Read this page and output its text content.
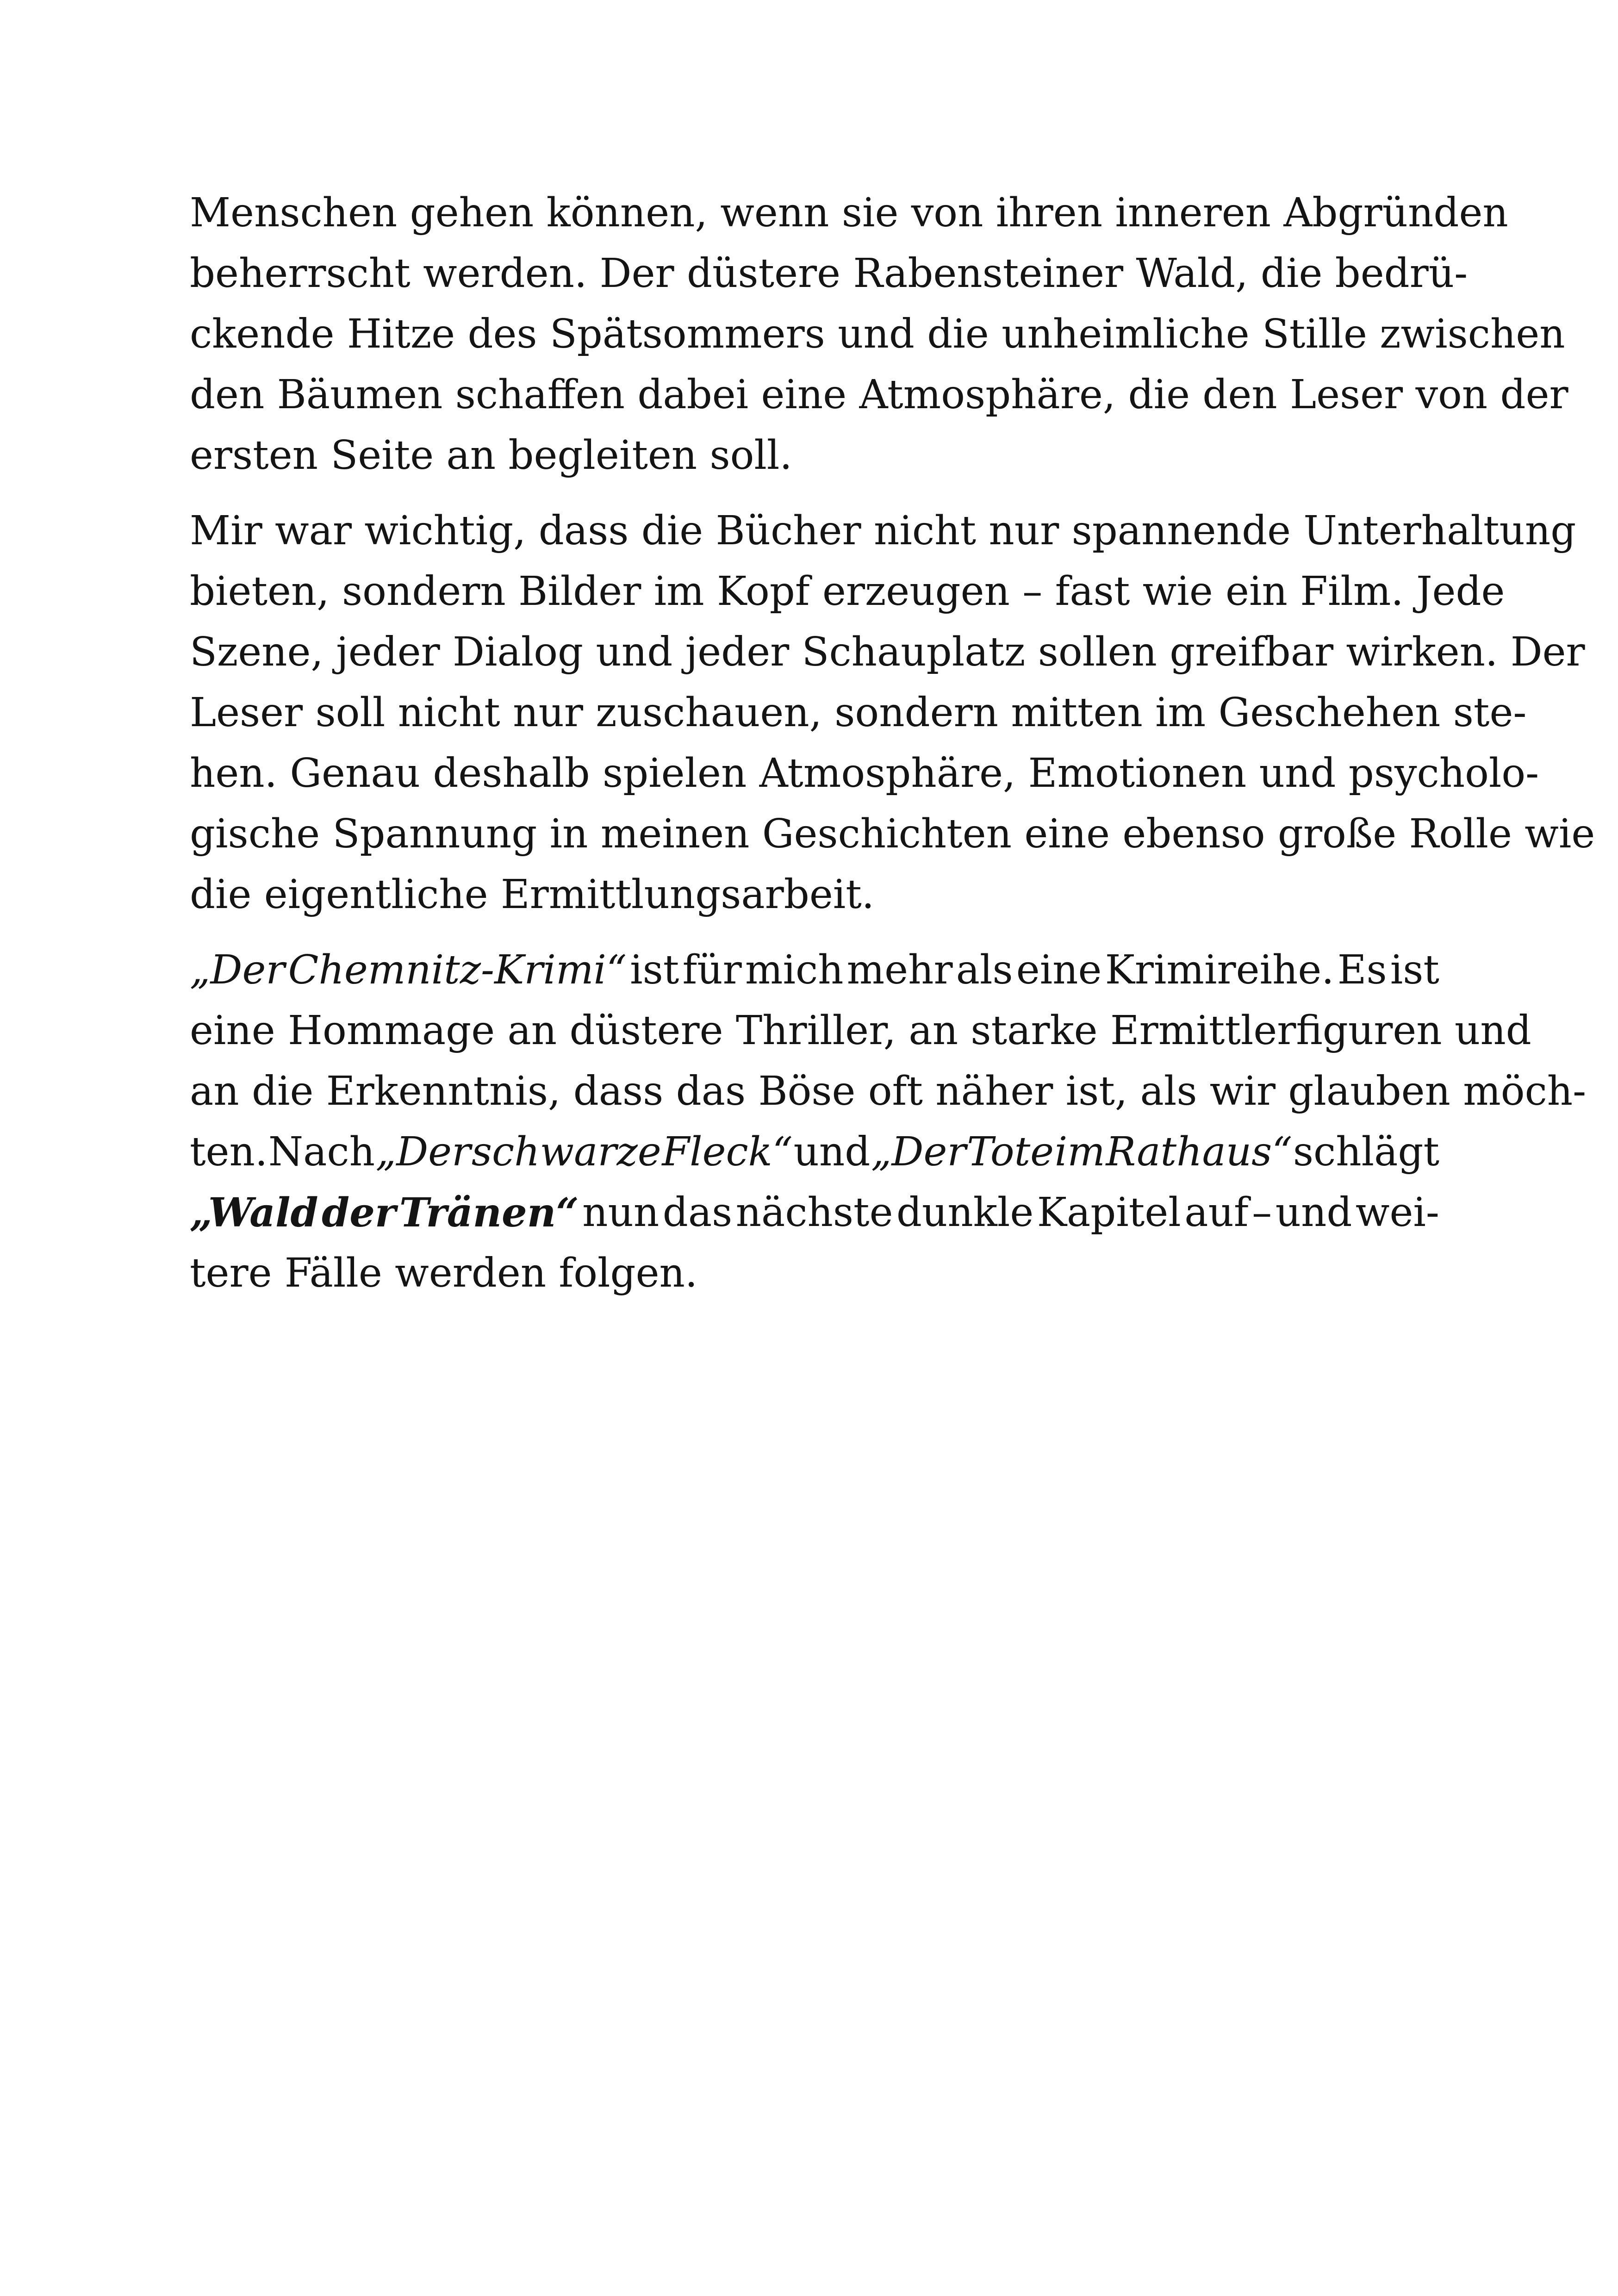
Menschen gehen können, wenn sie von ihren inneren Abgründen
beherrscht werden. Der düstere Rabensteiner Wald, die bedrü-
ckende Hitze des Spätsommers und die unheimliche Stille zwischen
den Bäumen schaffen dabei eine Atmosphäre, die den Leser von der
ersten Seite an begleiten soll.
Mir war wichtig, dass die Bücher nicht nur spannende Unterhaltung
bieten, sondern Bilder im Kopf erzeugen – fast wie ein Film. Jede
Szene, jeder Dialog und jeder Schauplatz sollen greifbar wirken. Der
Leser soll nicht nur zuschauen, sondern mitten im Geschehen ste-
hen. Genau deshalb spielen Atmosphäre, Emotionen und psycholo-
gische Spannung in meinen Geschichten eine ebenso große Rolle wie
die eigentliche Ermittlungsarbeit.
„Der Chemnitz-Krimi“ ist für mich mehr als eine Krimireihe. Es ist
eine Hommage an düstere Thriller, an starke Ermittlerfiguren und
an die Erkenntnis, dass das Böse oft näher ist, als wir glauben möch-
ten. Nach „Der schwarze Fleck“ und „Der Tote im Rathaus“ schlägt
„Wald der Tränen“ nun das nächste dunkle Kapitel auf – und wei-
tere Fälle werden folgen.
